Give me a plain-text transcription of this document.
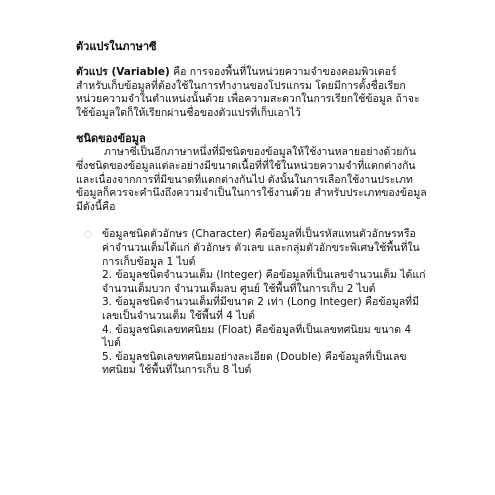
ตัวแปรในภาษาซี

ตัวแปร (Variable) คือ การจองพื้นที่ในหน่วยความจำของคอมพิวเตอร์สำหรับเก็บข้อมูลที่ต้องใช้ในการทำงานของโปรแกรม โดยมีการตั้งชื่อเรียกหน่วยความจำในตำแหน่งนั้นด้วย เพื่อความสะดวกในการเรียกใช้ข้อมูล ถ้าจะใช้ข้อมูลใดก็ให้เรียกผ่านชื่อของตัวแปรที่เก็บเอาไว้

ชนิดของข้อมูล

ภาษาซีเป็นอีกภาษาหนึ่งที่มีชนิดของข้อมูลให้ใช้งานหลายอย่างด้วยกัน ซึ่งชนิดของข้อมูลแต่ละอย่างมีขนาดเนื้อที่ที่ใช้ในหน่วยความจำที่แตกต่างกัน และเนื่องจากการที่มีขนาดที่แตกต่างกันไป ดังนั้นในการเลือกใช้งานประเภทข้อมูลก็ควรจะคำนึงถึงความจำเป็นในการใช้งานด้วย สำหรับประเภทของข้อมูลมีดังนี้คือ

○ ข้อมูลชนิดตัวอักษร (Character) คือข้อมูลที่เป็นรหัสแทนตัวอักษรหรือค่าจำนวนเต็มได้แก่ ตัวอักษร ตัวเลข และกลุ่มตัวอักขระพิเศษใช้พื้นที่ในการเก็บข้อมูล 1 ไบต์
2. ข้อมูลชนิดจำนวนเต็ม (Integer) คือข้อมูลที่เป็นเลขจำนวนเต็ม ได้แก่ จำนวนเต็มบวก จำนวนเต็มลบ ศูนย์ ใช้พื้นที่ในการเก็บ 2 ไบต์
3. ข้อมูลชนิดจำนวนเต็มที่มีขนาด 2 เท่า (Long Integer) คือข้อมูลที่มีเลขเป็นจำนวนเต็ม ใช้พื้นที่ 4 ไบต์
4. ข้อมูลชนิดเลขทศนิยม (Float) คือข้อมูลที่เป็นเลขทศนิยม ขนาด 4 ไบต์
5. ข้อมูลชนิดเลขทศนิยมอย่างละเอียด (Double) คือข้อมูลที่เป็นเลขทศนิยม ใช้พื้นที่ในการเก็บ 8 ไบต์
